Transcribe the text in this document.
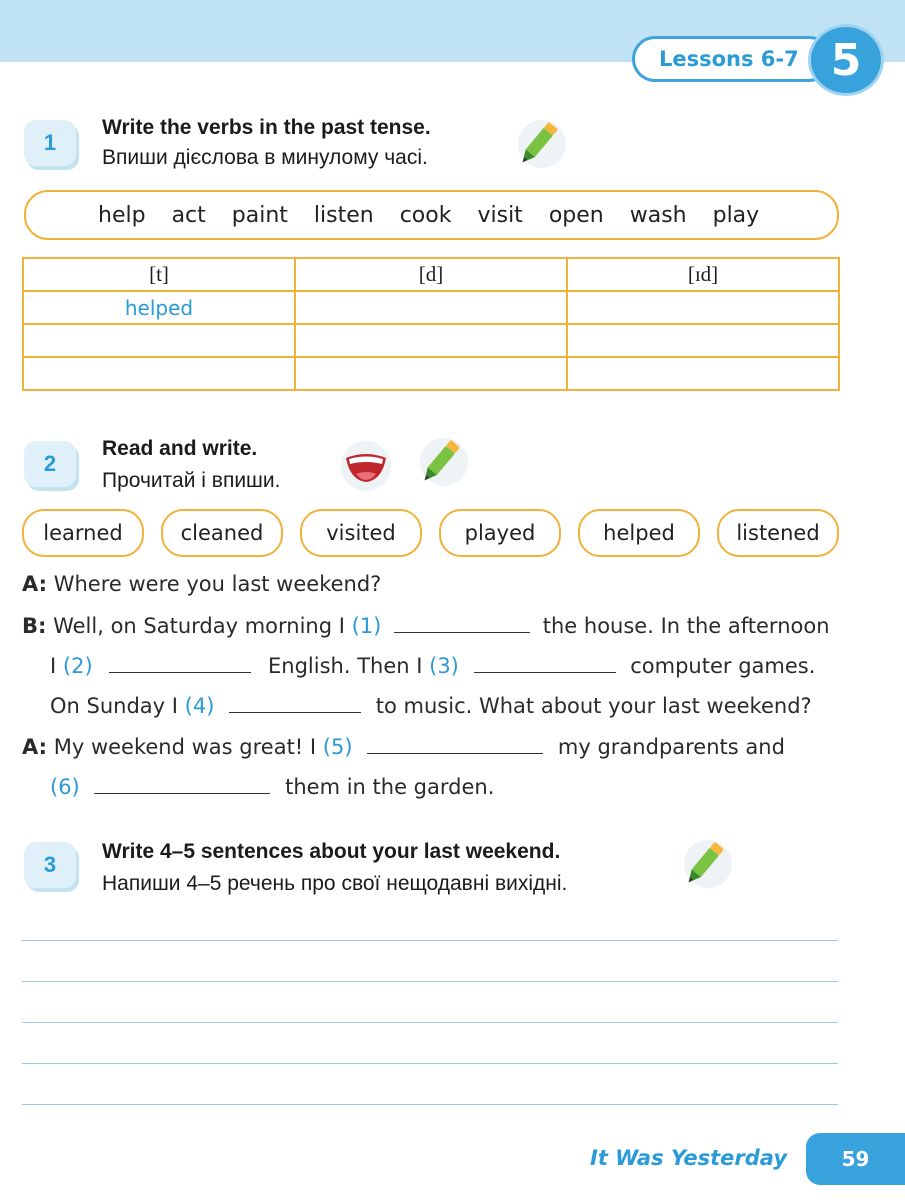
Lessons 6-7 5
1
Write the verbs in the past tense.
Впиши дієслова в минулому часі.
help act paint listen cook visit open wash play
[t]	[d]	[ɪd]
helped		

2
Read and write.
Прочитай і впиши.
learned	cleaned	visited	played	helped	listened
A: Where were you last weekend?
B: Well, on Saturday morning I (1)	the house. In the afternoon
I (2)	English. Then I (3)	computer games.
On Sunday I (4)	to music. What about your last weekend?
A: My weekend was great! I (5)	my grandparents and
(6)	them in the garden.
3
Write 4–5 sentences about your last weekend.
Напиши 4–5 речень про свої нещодавні вихідні.
It Was Yesterday	59
